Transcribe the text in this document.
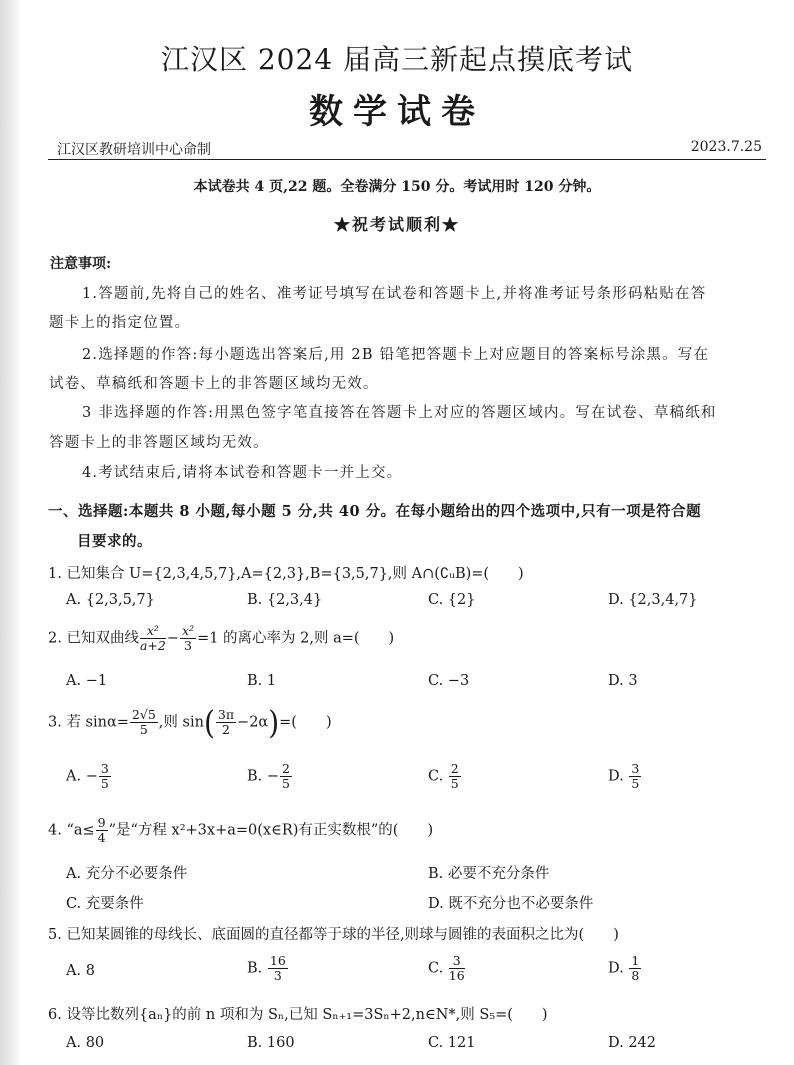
江汉区 2024 届高三新起点摸底考试
数学试卷
江汉区教研培训中心命制	2023.7.25
本试卷共 4 页,22 题。全卷满分 150 分。考试用时 120 分钟。
★祝考试顺利★
注意事项:
1.答题前,先将自己的姓名、准考证号填写在试卷和答题卡上,并将准考证号条形码粘贴在答
题卡上的指定位置。
2.选择题的作答:每小题选出答案后,用 2B 铅笔把答题卡上对应题目的答案标号涂黑。写在
试卷、草稿纸和答题卡上的非答题区域均无效。
3 非选择题的作答:用黑色签字笔直接答在答题卡上对应的答题区域内。写在试卷、草稿纸和
答题卡上的非答题区域均无效。
4.考试结束后,请将本试卷和答题卡一并上交。
一、选择题:本题共 8 小题,每小题 5 分,共 40 分。在每小题给出的四个选项中,只有一项是符合题
目要求的。
1. 已知集合 U={2,3,4,5,7},A={2,3},B={3,5,7},则 A∩(∁ᵤB)=(　　)
A. {2,3,5,7}	B. {2,3,4}	C. {2}	D. {2,3,4,7}
2. 已知双曲线 $\frac{\text{x²}}{a+2} - \frac{\text{x²}}{3} =1$ 的离心率为 2,则 a=(　　)
A. −1	B. 1	C. −3	D. 3
3. 若 $\sin\alpha= \frac{2√5}{5}$ ,则 $\sin( \frac{3\pi}{2} -2\alpha)=$(　　)
A. − $\frac{3}{5}$	B. − $\frac{2}{5}$	C. $\frac{2}{5}$	D. $\frac{3}{5}$
4. “$a\le \frac{9}{4}$ ”是“方程 x²+3x+a=0(x∈R)有正实数根”的(　　)
A. 充分不必要条件	B. 必要不充分条件
C. 充要条件	D. 既不充分也不必要条件
5. 已知某圆锥的母线长、底面圆的直径都等于球的半径,则球与圆锥的表面积之比为(　　)
A. 8	B. $\frac{16}{3}$	C. $\frac{3}{16}$	D. $\frac{1}{8}$
6. 设等比数列{aₙ}的前 n 项和为 Sₙ,已知 Sₙ₊₁=3Sₙ+2,n∈N*,则 S₅=(　　)
A. 80	B. 160	C. 121	D. 242
